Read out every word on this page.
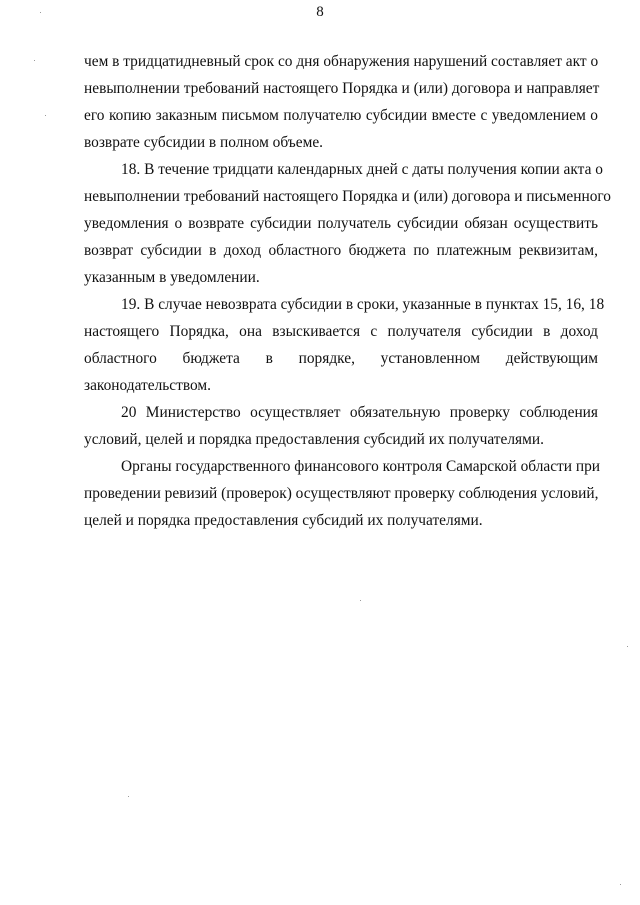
8

чем в тридцатидневный срок со дня обнаружения нарушений составляет акт о
невыполнении требований настоящего Порядка и (или) договора и направляет
его копию заказным письмом получателю субсидии вместе с уведомлением о
возврате субсидии в полном объеме.

18. В течение тридцати календарных дней с даты получения копии акта о
невыполнении требований настоящего Порядка и (или) договора и письменного
уведомления о возврате субсидии получатель субсидии обязан осуществить
возврат субсидии в доход областного бюджета по платежным реквизитам,
указанным в уведомлении.

19. В случае невозврата субсидии в сроки, указанные в пунктах 15, 16, 18
настоящего Порядка, она взыскивается с получателя субсидии в доход
областного бюджета в порядке, установленном действующим
законодательством.

20 Министерство осуществляет обязательную проверку соблюдения
условий, целей и порядка предоставления субсидий их получателями.

Органы государственного финансового контроля Самарской области при
проведении ревизий (проверок) осуществляют проверку соблюдения условий,
целей и порядка предоставления субсидий их получателями.
